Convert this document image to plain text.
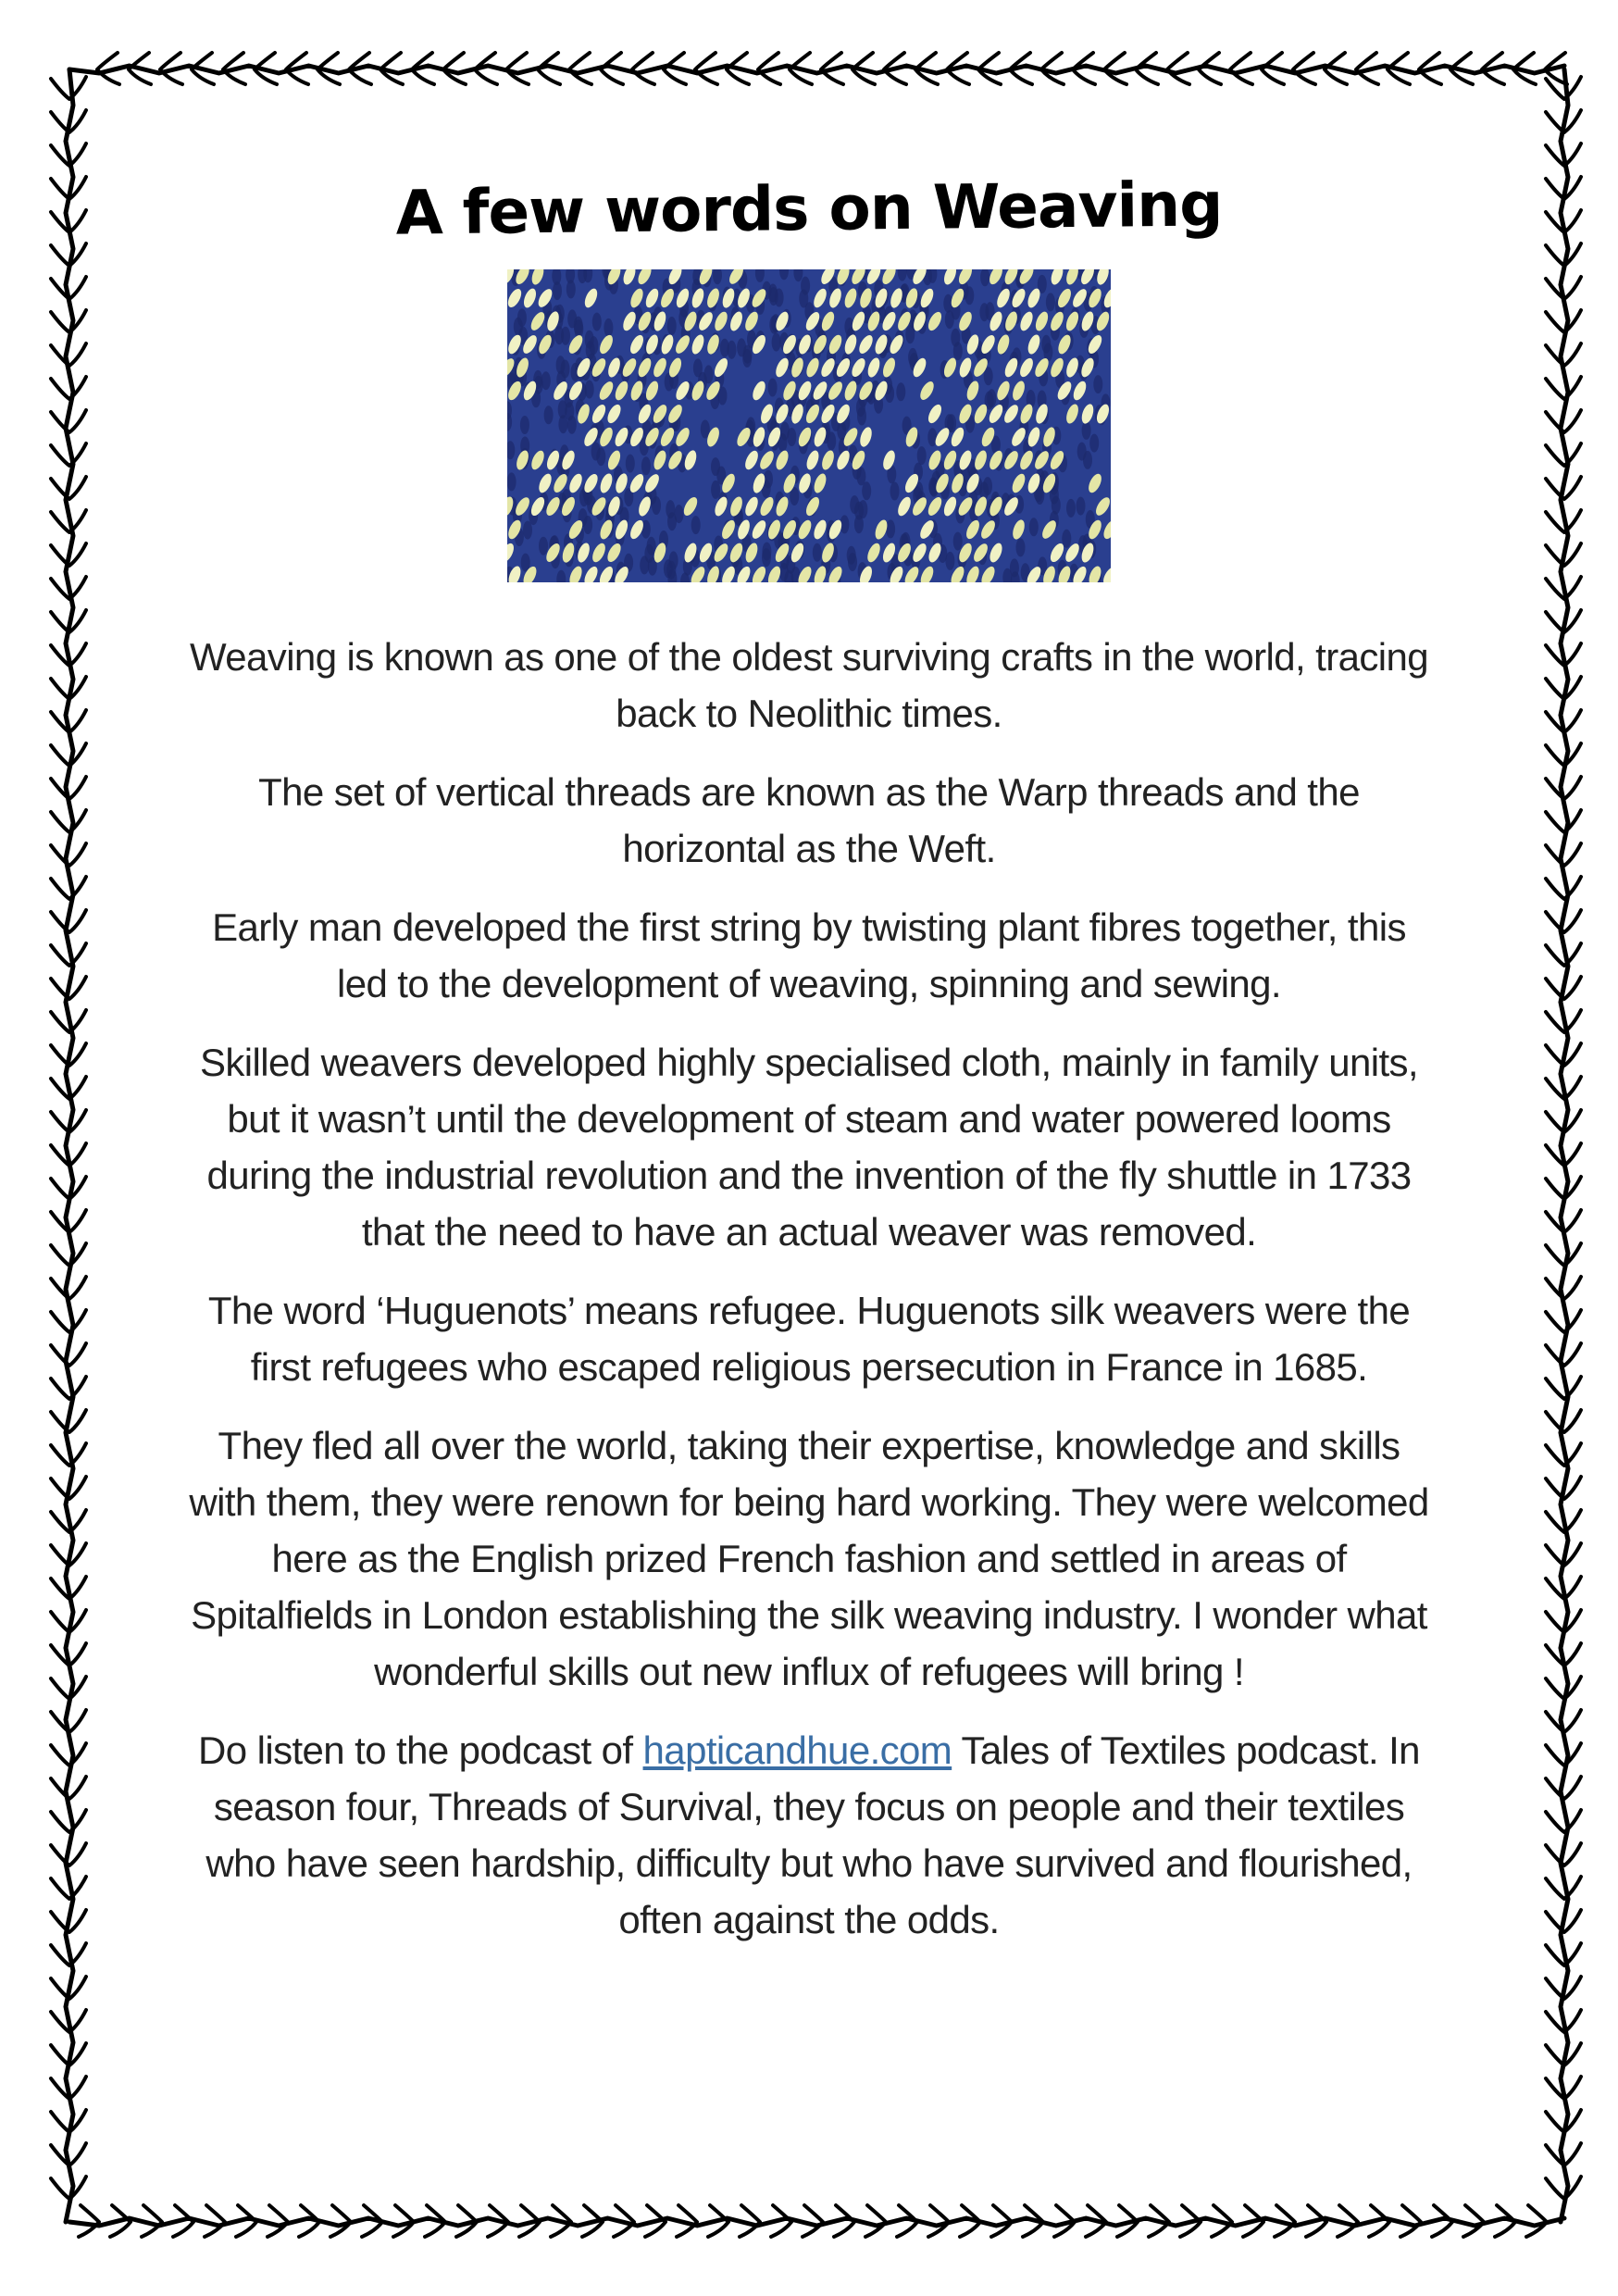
A few words on Weaving

Weaving is known as one of the oldest surviving crafts in the world, tracing back to Neolithic times.

The set of vertical threads are known as the Warp threads and the horizontal as the Weft.

Early man developed the first string by twisting plant fibres together, this led to the development of weaving, spinning and sewing.

Skilled weavers developed highly specialised cloth, mainly in family units, but it wasn’t until the development of steam and water powered looms during the industrial revolution and the invention of the fly shuttle in 1733 that the need to have an actual weaver was removed.

The word ‘Huguenots’ means refugee. Huguenots silk weavers were the first refugees who escaped religious persecution in France in 1685.

They fled all over the world, taking their expertise, knowledge and skills with them, they were renown for being hard working. They were welcomed here as the English prized French fashion and settled in areas of Spitalfields in London establishing the silk weaving industry. I wonder what wonderful skills out new influx of refugees will bring !

Do listen to the podcast of hapticandhue.com Tales of Textiles podcast. In season four, Threads of Survival, they focus on people and their textiles who have seen hardship, difficulty but who have survived and flourished, often against the odds.
